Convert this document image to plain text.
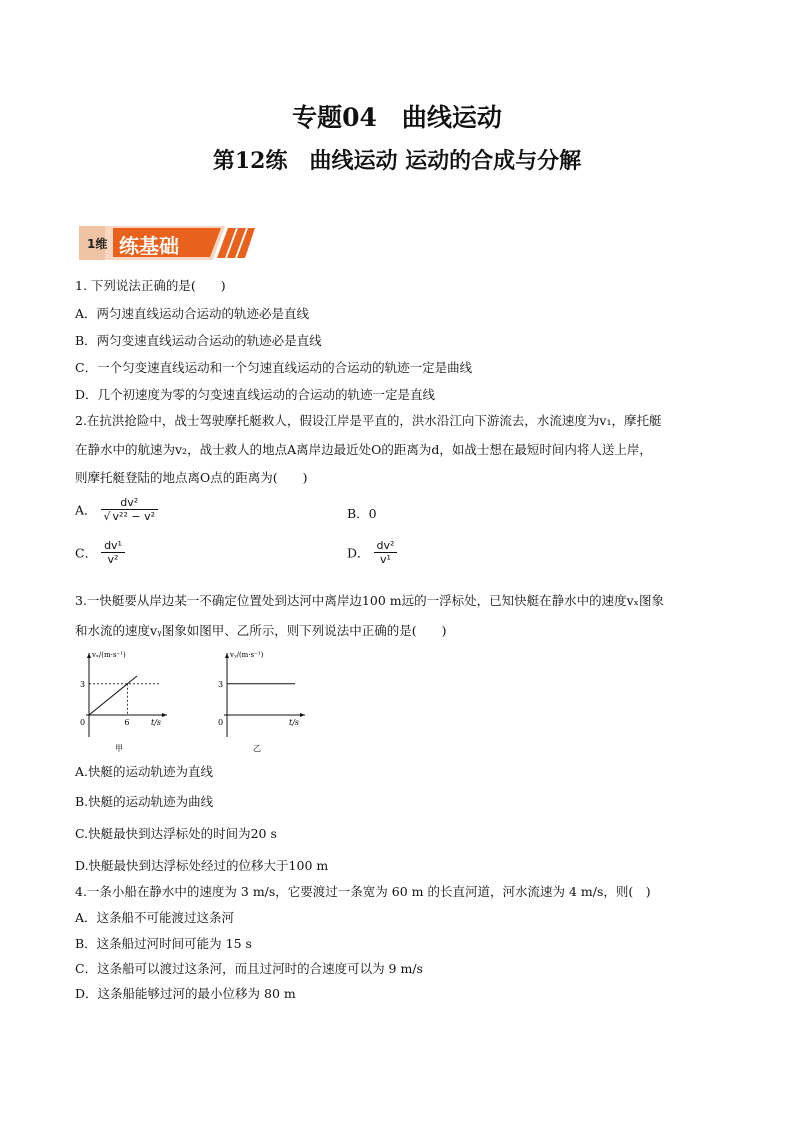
专题04　曲线运动
第12练　曲线运动 运动的合成与分解
1维 练基础
1. 下列说法正确的是(　　)
A．两匀速直线运动合运动的轨迹必是直线
B．两匀变速直线运动合运动的轨迹必是直线
C．一个匀变速直线运动和一个匀速直线运动的合运动的轨迹一定是曲线
D．几个初速度为零的匀变速直线运动的合运动的轨迹一定是直线
2.在抗洪抢险中，战士驾驶摩托艇救人，假设江岸是平直的，洪水沿江向下游流去，水流速度为v₁，摩托艇
在静水中的航速为v₂，战士救人的地点A离岸边最近处O的距离为d，如战士想在最短时间内将人送上岸，
则摩托艇登陆的地点离O点的距离为(　　)
A． $\frac{\text{dv²}}{\text{√ v²² − v²}}$	B．0
C． $\frac{\text{dv¹}}{\text{v²}}$	D． $\frac{\text{dv²}}{\text{v¹}}$
3.一快艇要从岸边某一不确定位置处到达河中离岸边100 m远的一浮标处，已知快艇在静水中的速度vₓ图象
和水流的速度vᵧ图象如图甲、乙所示，则下列说法中正确的是(　　)
vₓ/(m·s⁻¹)
t/s
0
3
甲
6
vᵧ/(m·s⁻¹)
t/s
0
3
乙
A.快艇的运动轨迹为直线
B.快艇的运动轨迹为曲线
C.快艇最快到达浮标处的时间为20 s
D.快艇最快到达浮标处经过的位移大于100 m
4.一条小船在静水中的速度为 3 m/s，它要渡过一条宽为 60 m 的长直河道，河水流速为 4 m/s，则(　)
A．这条船不可能渡过这条河
B．这条船过河时间可能为 15 s
C．这条船可以渡过这条河，而且过河时的合速度可以为 9 m/s
D．这条船能够过河的最小位移为 80 m
